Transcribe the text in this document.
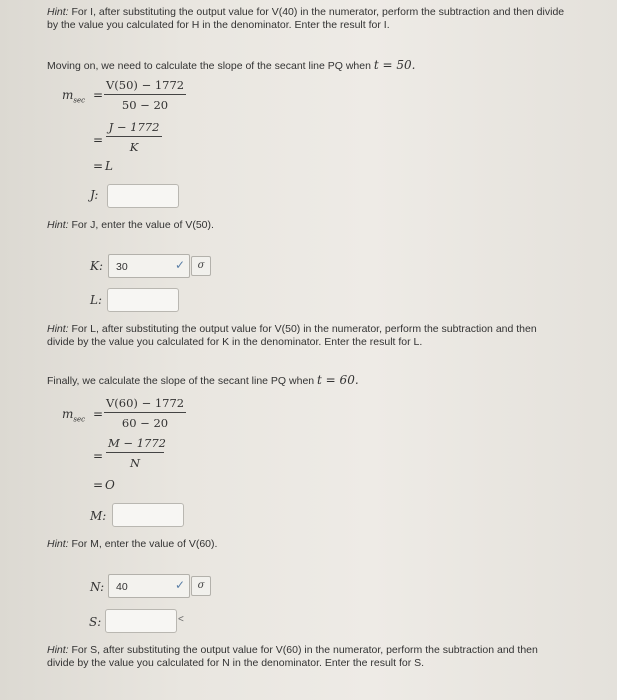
Hint: For I, after substituting the output value for V(40) in the numerator, perform the subtraction and then divide by the value you calculated for H in the denominator. Enter the result for I.
Moving on, we need to calculate the slope of the secant line PQ when t = 50.
$m_{sec} = \frac{V(50) - 1772}{50 - 20}$
= $\frac{J - 1772}{K}$
= L
J:
Hint: For J, enter the value of V(50).
K: 30	✓	σ
L:
Hint: For L, after substituting the output value for V(50) in the numerator, perform the subtraction and then divide by the value you calculated for K in the denominator. Enter the result for L.
Finally, we calculate the slope of the secant line PQ when t = 60.
$m_{sec} = \frac{V(60) - 1772}{60 - 20}$
= $\frac{M - 1772}{N}$
= O
M:
Hint: For M, enter the value of V(60).
N: 40	✓	σ
S:	<
Hint: For S, after substituting the output value for V(60) in the numerator, perform the subtraction and then divide by the value you calculated for N in the denominator. Enter the result for S.
